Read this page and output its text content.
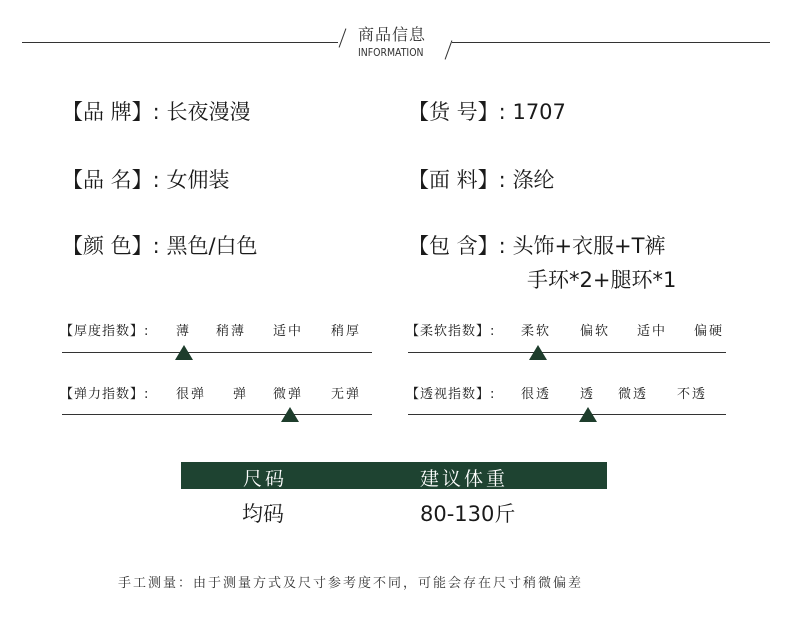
商品信息
INFORMATION
【品 牌】: 长夜漫漫	【货 号】: 1707
【品 名】: 女佣装	【面 料】: 涤纶
【颜 色】: 黑色/白色	【包 含】: 头饰+衣服+T裤
手环*2+腿环*1
【厚度指数】: 薄 稍薄 适中 稍厚	【柔软指数】: 柔软 偏软 适中 偏硬
【弹力指数】: 很弹 弹 微弹 无弹	【透视指数】: 很透 透 微透 不透
尺码	建议体重
均码	80-130斤
手工测量：由于测量方式及尺寸参考度不同，可能会存在尺寸稍微偏差
